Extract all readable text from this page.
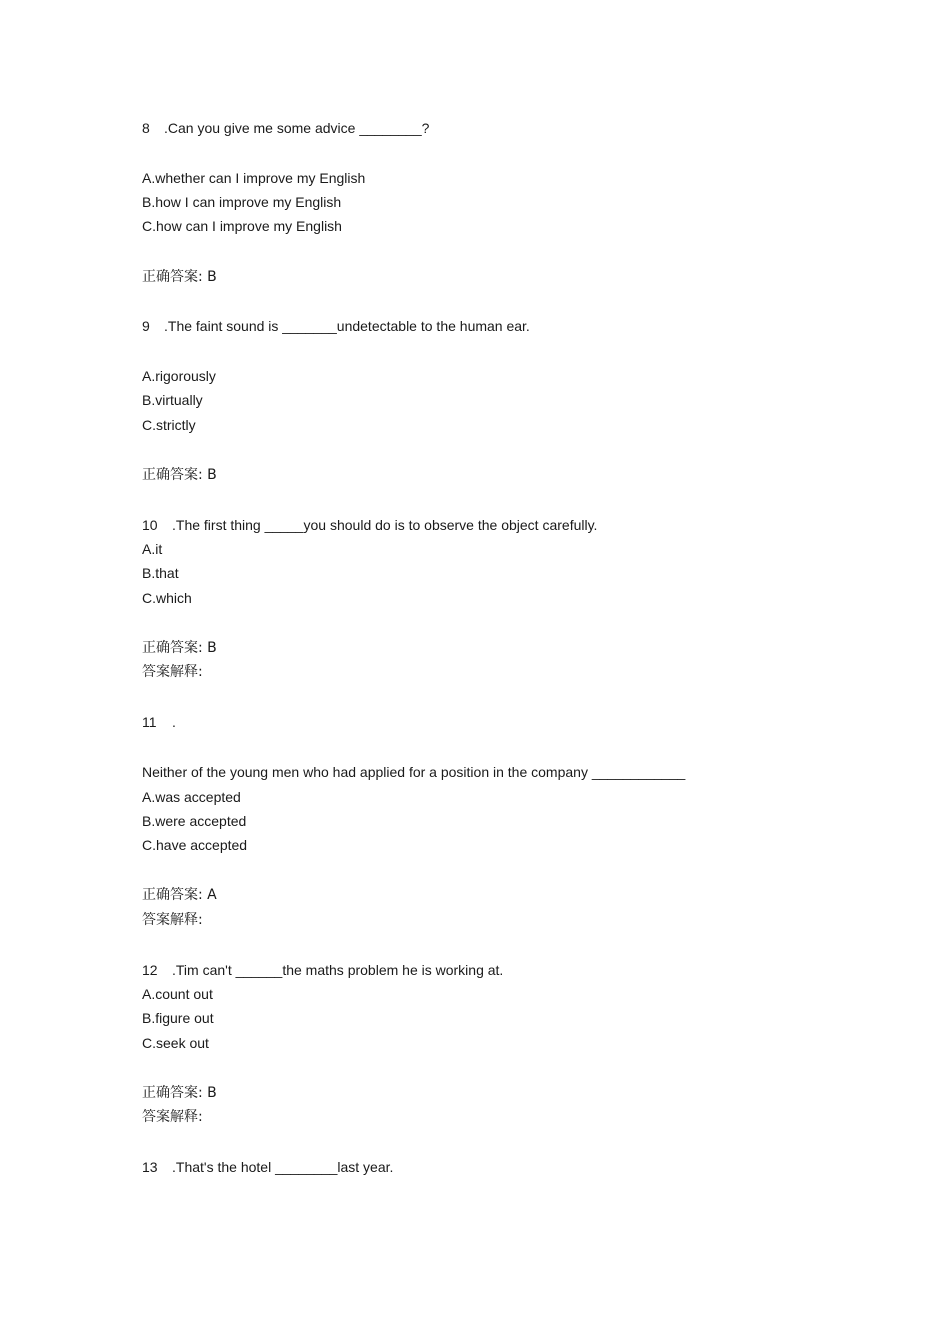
8 .Can you give me some advice ________?
A.whether can I improve my English
B.how I can improve my English
C.how can I improve my English
正确答案: B
9 .The faint sound is _______undetectable to the human ear.
A.rigorously
B.virtually
C.strictly
正确答案: B
10 .The first thing _____you should do is to observe the object carefully.
A.it
B.that
C.which
正确答案: B
答案解释:
11 .
Neither of the young men who had applied for a position in the company ____________
A.was accepted
B.were accepted
C.have accepted
正确答案: A
答案解释:
12 .Tim can't ______the maths problem he is working at.
A.count out
B.figure out
C.seek out
正确答案: B
答案解释:
13 .That's the hotel ________last year.
